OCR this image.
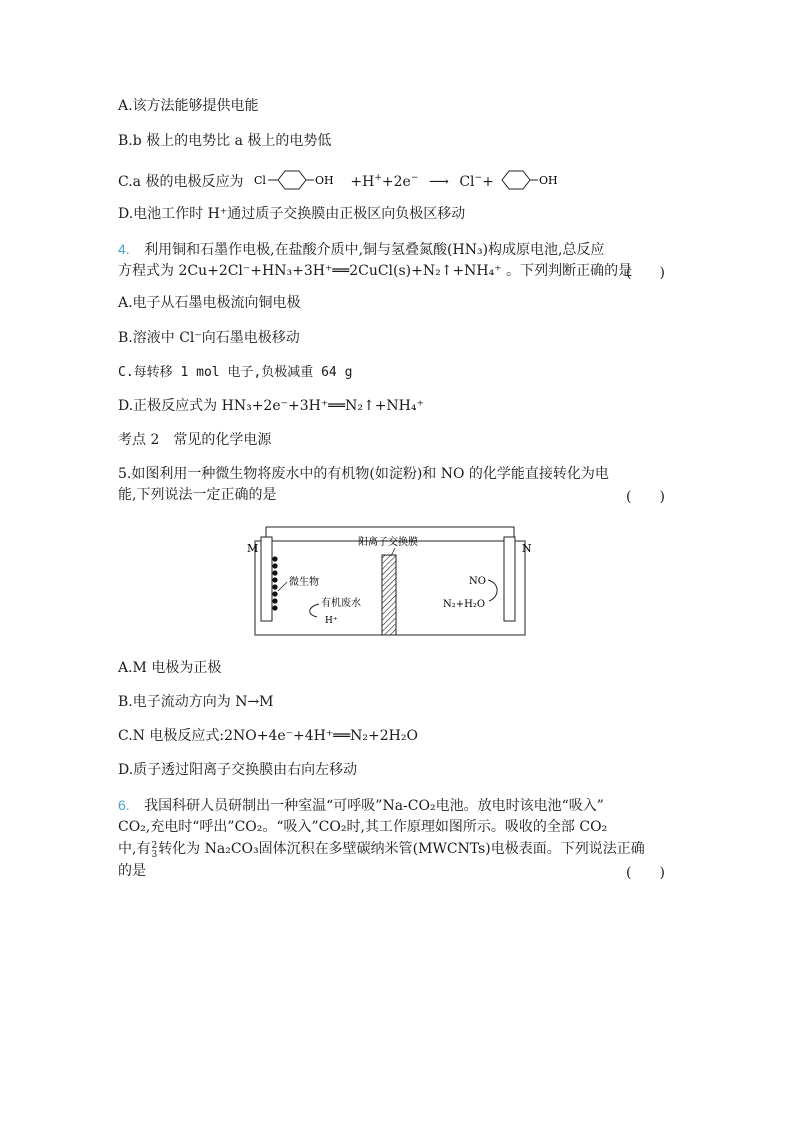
A.该方法能够提供电能
B.b 极上的电势比 a 极上的电势低
C.a 极的电极反应为 Cl	OH +H++2e− ⟶ Cl−+	OH
D.电池工作时 H⁺通过质子交换膜由正极区向负极区移动
4. 利用铜和石墨作电极,在盐酸介质中,铜与氢叠氮酸(HN₃)构成原电池,总反应
方程式为 2Cu+2Cl⁻+HN₃+3H⁺══2CuCl(s)+N₂↑+NH₄⁺ 。下列判断正确的是
(　　)
A.电子从石墨电极流向铜电极
B.溶液中 Cl⁻向石墨电极移动
C.每转移 1 mol 电子,负极减重 64 g
D.正极反应式为 HN₃+2e⁻+3H⁺══N₂↑+NH₄⁺
考点 2　常见的化学电源
5.如图利用一种微生物将废水中的有机物(如淀粉)和 NO 的化学能直接转化为电
能,下列说法一定正确的是	(　　)
M
微生物
有机废水
H⁺
阳离子交换膜	N
NO
N₂+H₂O
A.M 电极为正极
B.电子流动方向为 N→M
C.N 电极反应式:2NO+4e⁻+4H⁺══N₂+2H₂O
D.质子透过阳离子交换膜由右向左移动
6. 我国科研人员研制出一种室温“可呼吸”Na-CO₂电池。放电时该电池“吸入”
CO₂,充电时“呼出”CO₂。“吸入”CO₂时,其工作原理如图所示。吸收的全部 CO₂
中,有 2
3 转化为 Na₂CO₃固体沉积在多壁碳纳米管(MWCNTs)电极表面。下列说法正确
的是	(　　)
